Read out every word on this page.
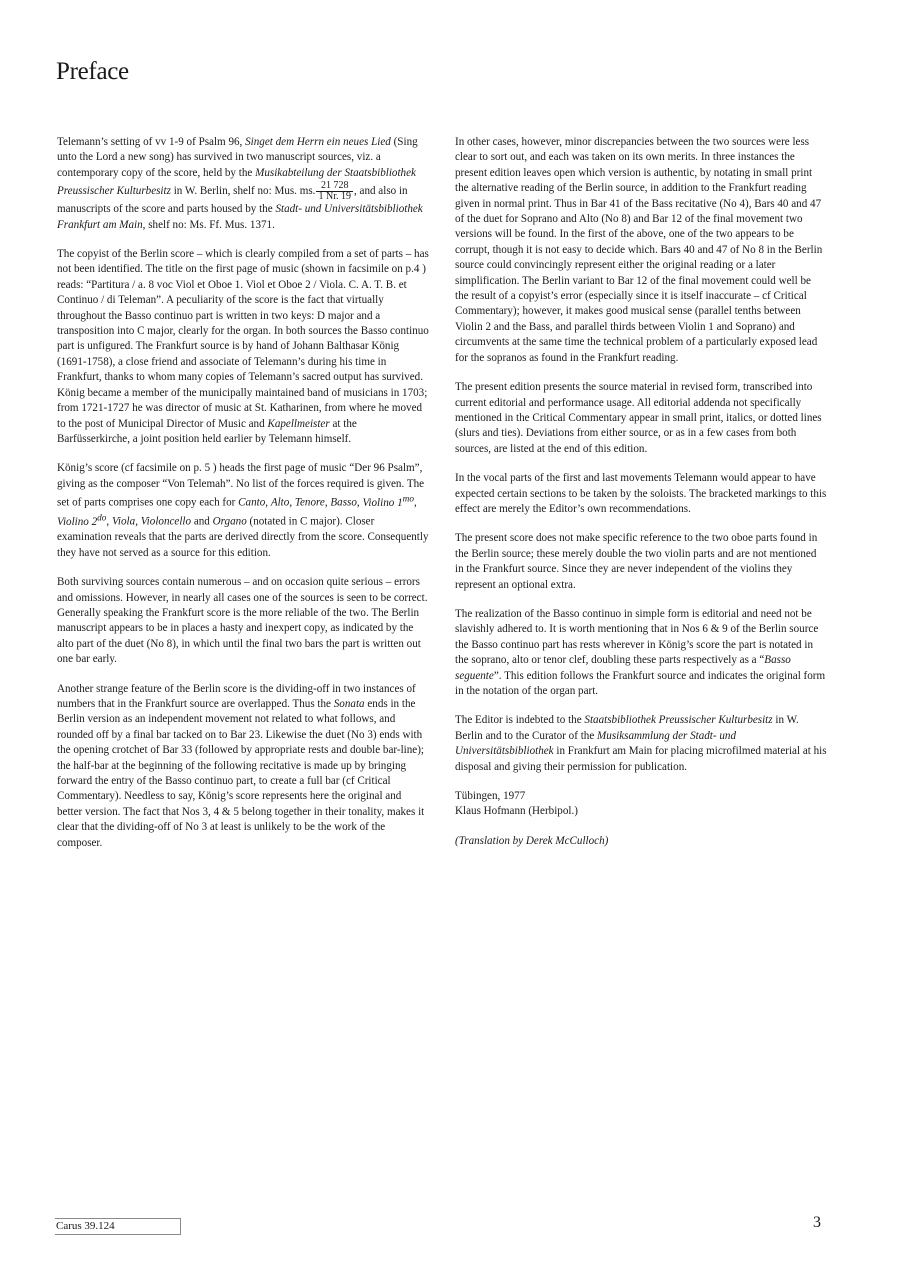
Preface

Telemann’s setting of vv 1-9 of Psalm 96, Singet dem Herrn ein neues Lied (Sing unto the Lord a new song) has survived in two manuscript sources, viz. a contemporary copy of the score, held by the Musikabteilung der Staatsbibliothek Preussischer Kulturbesitz in W. Berlin, shelf no: Mus. ms. $\frac{21 728}{1 Nr. 19}$ , and also in manuscripts of the score and parts housed by the Stadt- und Universitätsbibliothek Frankfurt am Main, shelf no: Ms. Ff. Mus. 1371.

The copyist of the Berlin score – which is clearly compiled from a set of parts – has not been identified. The title on the first page of music (shown in facsimile on p.4 ) reads: “Partitura / a. 8 voc Viol et Oboe 1. Viol et Oboe 2 / Viola. C. A. T. B. et Continuo / di Teleman”. A peculiarity of the score is the fact that virtually throughout the Basso continuo part is written in two keys: D major and a transposition into C major, clearly for the organ. In both sources the Basso continuo part is unfigured. The Frankfurt source is by hand of Johann Balthasar König (1691-1758), a close friend and associate of Telemann’s during his time in Frankfurt, thanks to whom many copies of Telemann’s sacred output has survived. König became a member of the municipally maintained band of musicians in 1703; from 1721-1727 he was director of music at St. Katharinen, from where he moved to the post of Municipal Director of Music and Kapellmeister at the Barfüsserkirche, a joint position held earlier by Telemann himself.

König’s score (cf facsimile on p. 5 ) heads the first page of music “Der 96 Psalm”, giving as the composer “Von Telemah”. No list of the forces required is given. The set of parts comprises one copy each for Canto, Alto, Tenore, Basso, Violino $1^{mo}$, Violino $2^{do}$, Viola, Violoncello and Organo (notated in C major). Closer examination reveals that the parts are derived directly from the score. Consequently they have not served as a source for this edition.

Both surviving sources contain numerous – and on occasion quite serious – errors and omissions. However, in nearly all cases one of the sources is seen to be correct. Generally speaking the Frankfurt score is the more reliable of the two. The Berlin manuscript appears to be in places a hasty and inexpert copy, as indicated by the alto part of the duet (No 8), in which until the final two bars the part is written out one bar early.

Another strange feature of the Berlin score is the dividing-off in two instances of numbers that in the Frankfurt source are overlapped. Thus the Sonata ends in the Berlin version as an independent movement not related to what follows, and rounded off by a final bar tacked on to Bar 23. Likewise the duet (No 3) ends with the opening crotchet of Bar 33 (followed by appropriate rests and double bar-line); the half-bar at the beginning of the following recitative is made up by bringing forward the entry of the Basso continuo part, to create a full bar (cf Critical Commentary). Needless to say, König’s score represents here the original and better version. The fact that Nos 3, 4 & 5 belong together in their tonality, makes it clear that the dividing-off of No 3 at least is unlikely to be the work of the composer.

In other cases, however, minor discrepancies between the two sources were less clear to sort out, and each was taken on its own merits. In three instances the present edition leaves open which version is authentic, by notating in small print the alternative reading of the Berlin source, in addition to the Frankfurt reading given in normal print. Thus in Bar 41 of the Bass recitative (No 4), Bars 40 and 47 of the duet for Soprano and Alto (No 8) and Bar 12 of the final movement two versions will be found. In the first of the above, one of the two appears to be corrupt, though it is not easy to decide which. Bars 40 and 47 of No 8 in the Berlin source could convincingly represent either the original reading or a later simplification. The Berlin variant to Bar 12 of the final movement could well be the result of a copyist’s error (especially since it is itself inaccurate – cf Critical Commentary); however, it makes good musical sense (parallel tenths between Violin 2 and the Bass, and parallel thirds between Violin 1 and Soprano) and circumvents at the same time the technical problem of a particularly exposed lead for the sopranos as found in the Frankfurt reading.

The present edition presents the source material in revised form, transcribed into current editorial and performance usage. All editorial addenda not specifically mentioned in the Critical Commentary appear in small print, italics, or dotted lines (slurs and ties). Deviations from either source, or as in a few cases from both sources, are listed at the end of this edition.

In the vocal parts of the first and last movements Telemann would appear to have expected certain sections to be taken by the soloists. The bracketed markings to this effect are merely the Editor’s own recommendations.

The present score does not make specific reference to the two oboe parts found in the Berlin source; these merely double the two violin parts and are not mentioned in the Frankfurt source. Since they are never independent of the violins they represent an optional extra.

The realization of the Basso continuo in simple form is editorial and need not be slavishly adhered to. It is worth mentioning that in Nos 6 & 9 of the Berlin source the Basso continuo part has rests wherever in König’s score the part is notated in the soprano, alto or tenor clef, doubling these parts respectively as a “Basso seguente”. This edition follows the Frankfurt source and indicates the original form in the notation of the organ part.

The Editor is indebted to the Staatsbibliothek Preussischer Kulturbesitz in W. Berlin and to the Curator of the Musiksammlung der Stadt- und Universitätsbibliothek in Frankfurt am Main for placing microfilmed material at his disposal and giving their permission for publication.

Tübingen, 1977

Klaus Hofmann (Herbipol.)

(Translation by Derek McCulloch)

Carus 39.124	3
